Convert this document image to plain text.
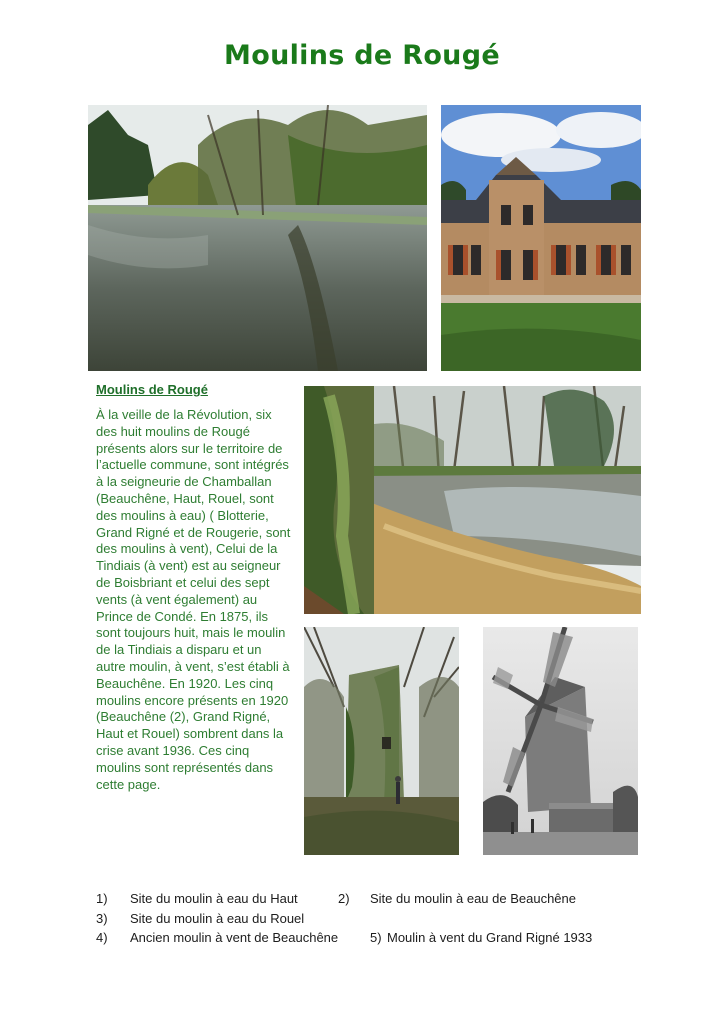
Moulins de Rougé
Moulins de Rougé
À la veille de la Révolution, six des huit moulins de Rougé présents alors sur le territoire de l’actuelle commune, sont intégrés à la seigneurie de Chamballan (Beauchêne, Haut, Rouel, sont des moulins à eau) ( Blotterie, Grand Rigné et de Rougerie, sont des moulins à vent), Celui de la Tindiais (à vent) est au seigneur de Boisbriant et celui des sept vents (à vent également) au Prince de Condé. En 1875, ils sont toujours huit, mais le moulin de la Tindiais a disparu et un autre moulin, à vent, s’est établi à Beauchêne. En 1920. Les cinq moulins encore présents en 1920 (Beauchêne (2), Grand Rigné, Haut et Rouel) sombrent dans la crise avant 1936. Ces cinq moulins sont représentés dans cette page.
1) Site du moulin à eau du Haut	2) Site du moulin à eau de Beauchêne
3) Site du moulin à eau du Rouel
4) Ancien moulin à vent de Beauchêne 5) Moulin à vent du Grand Rigné 1933
